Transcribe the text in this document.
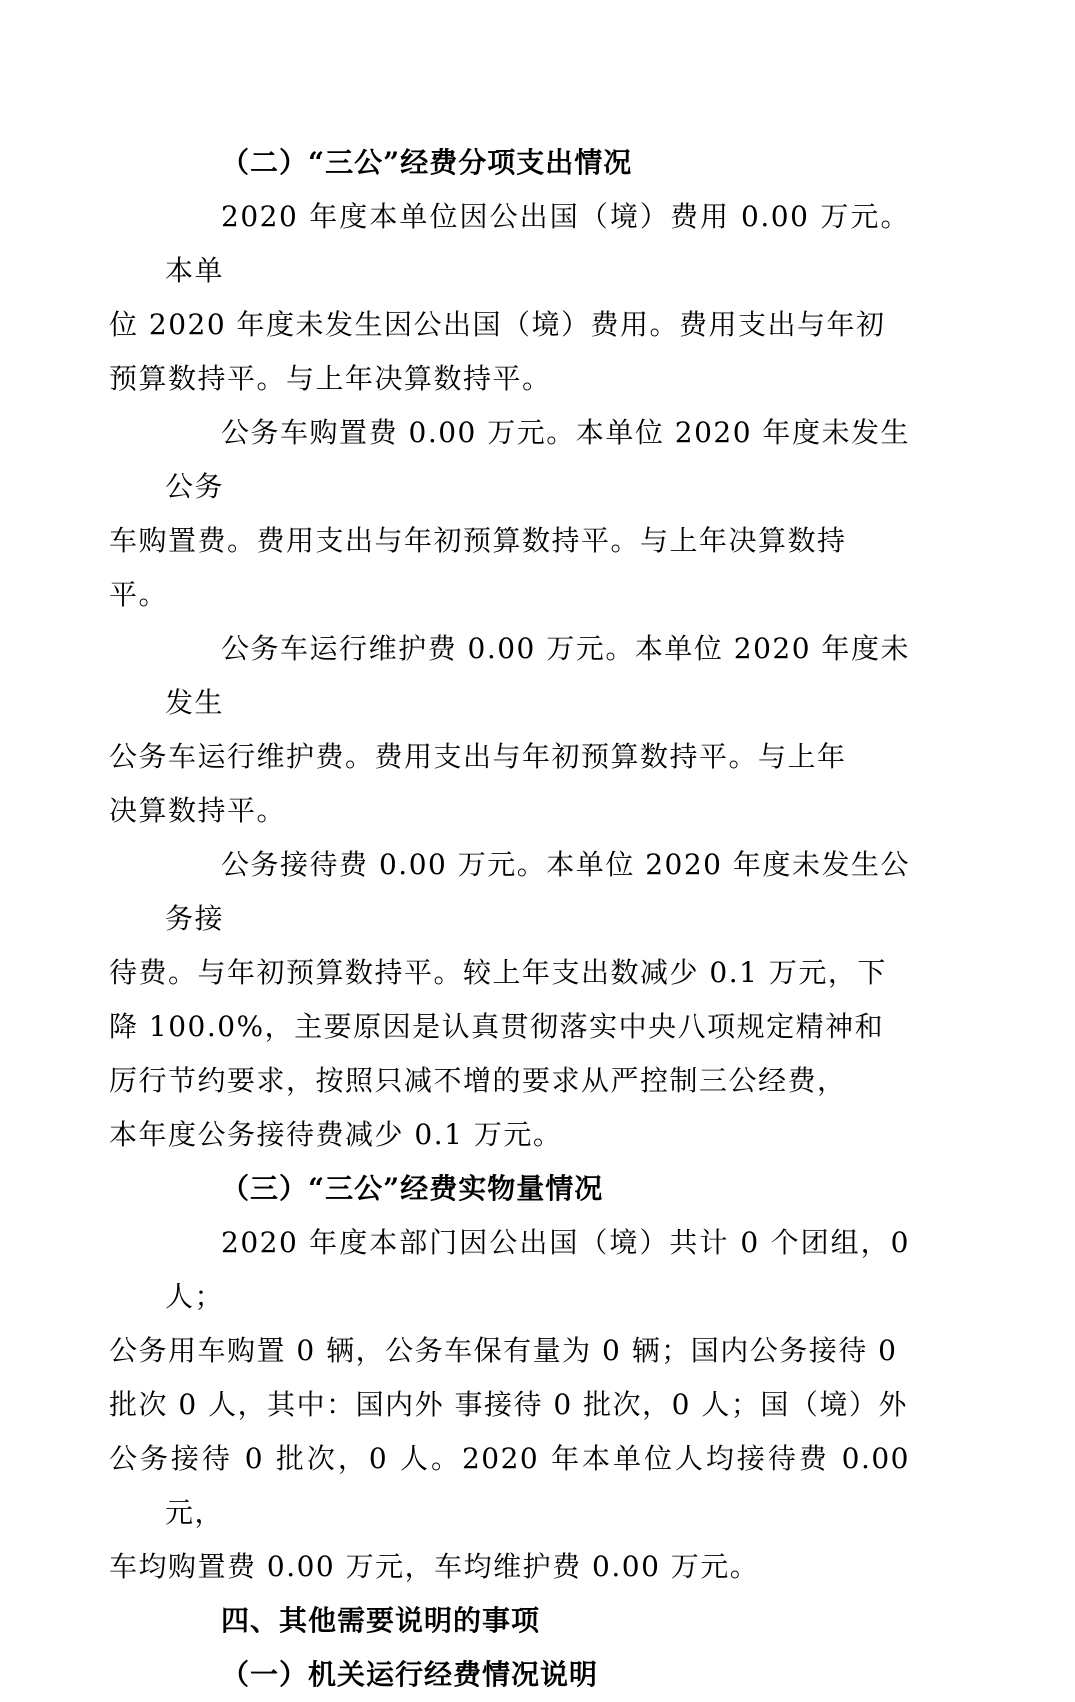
（二）“三公”经费分项支出情况

2020 年度本单位因公出国（境）费用 0.00 万元。本单
位 2020 年度未发生因公出国（境）费用。费用支出与年初
预算数持平。与上年决算数持平。
公务车购置费 0.00 万元。本单位 2020 年度未发生公务
车购置费。费用支出与年初预算数持平。与上年决算数持
平。
公务车运行维护费 0.00 万元。本单位 2020 年度未发生
公务车运行维护费。费用支出与年初预算数持平。与上年
决算数持平。
公务接待费 0.00 万元。本单位 2020 年度未发生公务接
待费。与年初预算数持平。较上年支出数减少 0.1 万元，下
降 100.0%，主要原因是认真贯彻落实中央八项规定精神和
厉行节约要求，按照只减不增的要求从严控制三公经费，
本年度公务接待费减少 0.1 万元。

（三）“三公”经费实物量情况

2020 年度本部门因公出国（境）共计 0 个团组，0 人；
公务用车购置 0 辆，公务车保有量为 0 辆；国内公务接待 0
批次 0 人，其中：国内外 事接待 0 批次，0 人；国（境）外
公务接待 0 批次，0 人。2020 年本单位人均接待费 0.00 元，
车均购置费 0.00 万元，车均维护费 0.00 万元。

四、其他需要说明的事项

（一）机关运行经费情况说明
